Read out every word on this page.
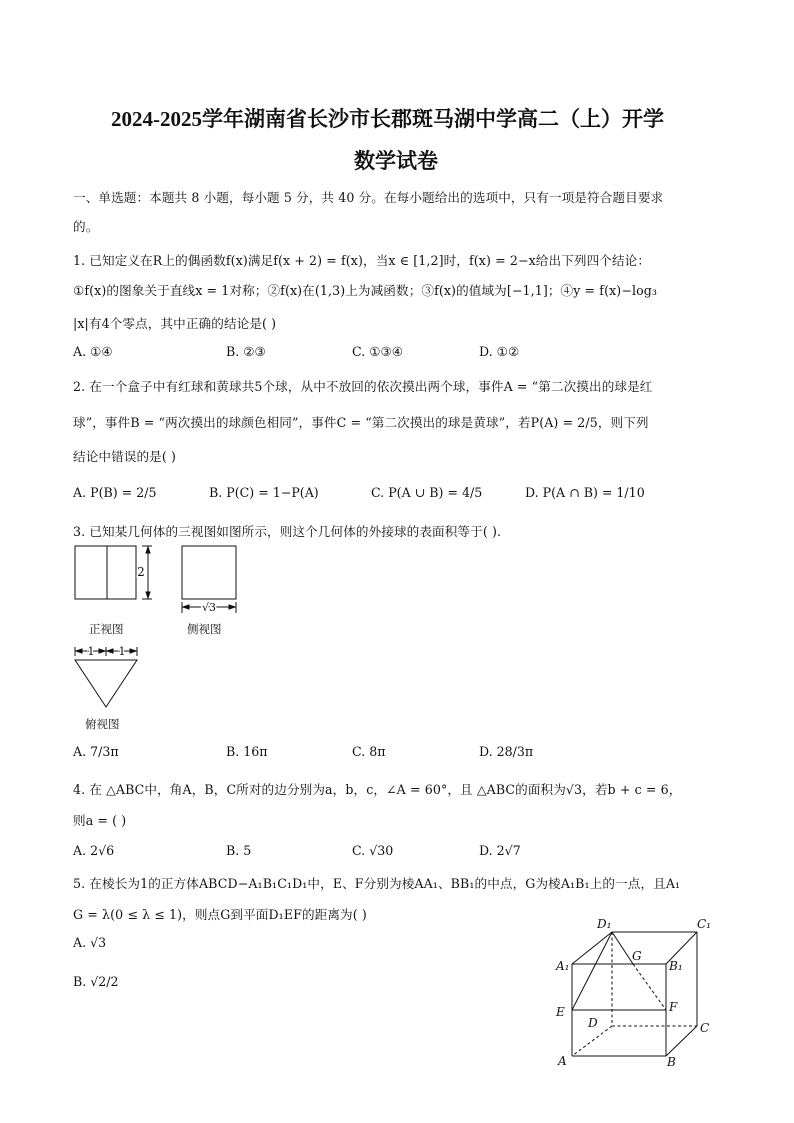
2024-2025学年湖南省长沙市长郡斑马湖中学高二（上）开学
数学试卷
一、单选题：本题共 8 小题，每小题 5 分，共 40 分。在每小题给出的选项中，只有一项是符合题目要求
的。
1. 已知定义在R上的偶函数f(x)满足f(x + 2) = f(x)，当x ∈ [1,2]时，f(x) = 2−x给出下列四个结论：
①f(x)的图象关于直线x = 1对称；②f(x)在(1,3)上为减函数；③f(x)的值域为[−1,1]；④y = f(x)−log₃
|x|有4个零点，其中正确的结论是( )
A. ①④	B. ②③	C. ①③④	D. ①②
2. 在一个盒子中有红球和黄球共5个球，从中不放回的依次摸出两个球，事件A = “第二次摸出的球是红
球”，事件B = “两次摸出的球颜色相同”，事件C = “第二次摸出的球是黄球”，若P(A) = 2/5，则下列
结论中错误的是( )
A. P(B) = 2/5	B. P(C) = 1−P(A)	C. P(A ∪ B) = 4/5	D. P(A ∩ B) = 1/10
3. 已知某几何体的三视图如图所示，则这个几何体的外接球的表面积等于( ).
2
√3
1 1
正视图	侧视图
俯视图
A. 7/3π	B. 16π	C. 8π	D. 28/3π
4. 在 △ABC中，角A，B，C所对的边分别为a，b，c，∠A = 60°，且 △ABC的面积为√3，若b + c = 6，
则a = ( )
A. 2√6	B. 5	C. √30	D. 2√7
5. 在棱长为1的正方体ABCD−A₁B₁C₁D₁中，E、F分别为棱AA₁、BB₁的中点，G为棱A₁B₁上的一点，且A₁
G = λ(0 ≤ λ ≤ 1)，则点G到平面D₁EF的距离为( )
A. √3
B. √2/2
D₁	C₁
A₁	B₁
G
E	F
D	C
A	B
